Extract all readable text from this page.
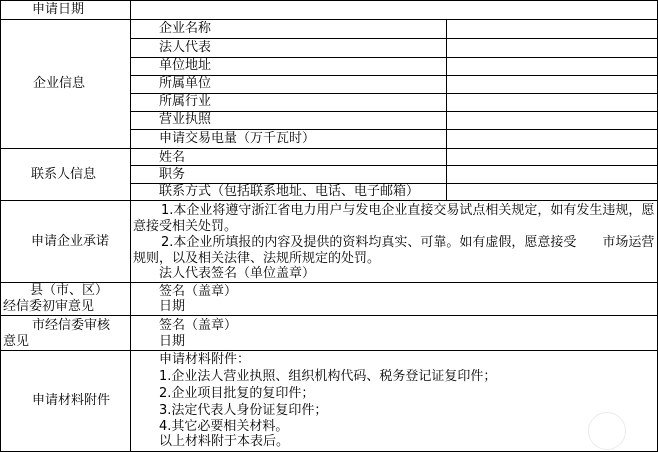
申请日期
企业信息
企业名称
法人代表
单位地址
所属单位
所属行业
营业执照
申请交易电量（万千瓦时）
联系人信息
姓名
职务
联系方式（包括联系地址、电话、电子邮箱）
申请企业承诺
1.本企业将遵守浙江省电力用户与发电企业直接交易试点相关规定，如有发生违规，愿意接受相关处罚。
2.本企业所填报的内容及提供的资料均真实、可靠。如有虚假，愿意接受　　市场运营规则，以及相关法律、法规所规定的处罚。
法人代表签名（单位盖章）
县（市、区）
经信委初审意见
签名（盖章）
日期
市经信委审核
意见
签名（盖章）
日期
申请材料附件
申请材料附件：
1.企业法人营业执照、组织机构代码、税务登记证复印件；
2.企业项目批复的复印件；
3.法定代表人身份证复印件；
4.其它必要相关材料。
以上材料附于本表后。
